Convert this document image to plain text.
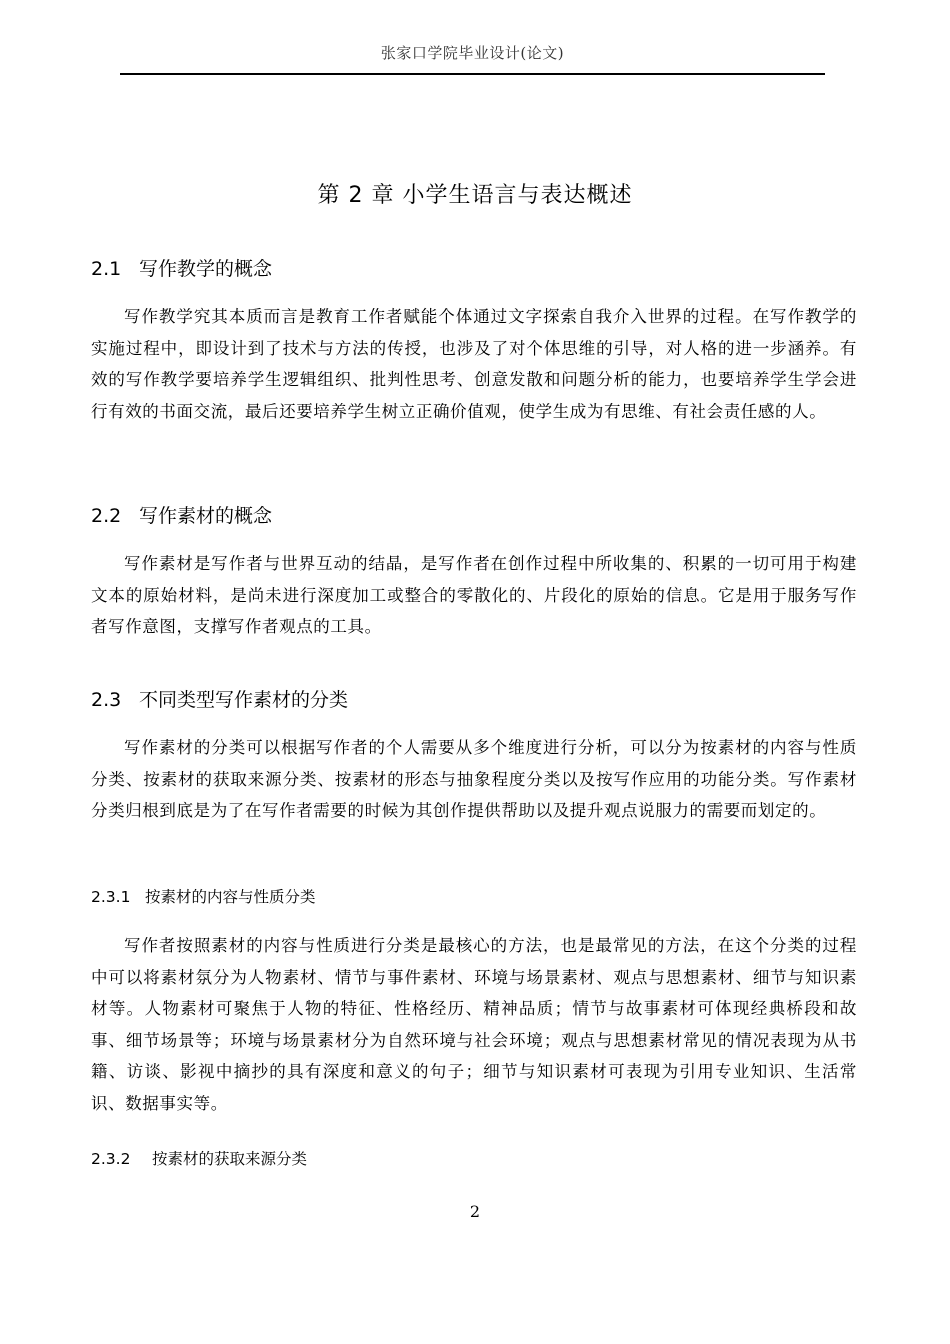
张家口学院毕业设计(论文)
第 2 章 小学生语言与表达概述
2.1 写作教学的概念
写作教学究其本质而言是教育工作者赋能个体通过文字探索自我介入世界的过程。在写作教学的实施过程中，即设计到了技术与方法的传授，也涉及了对个体思维的引导，对人格的进一步涵养。有效的写作教学要培养学生逻辑组织、批判性思考、创意发散和问题分析的能力，也要培养学生学会进行有效的书面交流，最后还要培养学生树立正确价值观，使学生成为有思维、有社会责任感的人。
2.2 写作素材的概念
写作素材是写作者与世界互动的结晶，是写作者在创作过程中所收集的、积累的一切可用于构建文本的原始材料，是尚未进行深度加工或整合的零散化的、片段化的原始的信息。它是用于服务写作者写作意图，支撑写作者观点的工具。
2.3 不同类型写作素材的分类
写作素材的分类可以根据写作者的个人需要从多个维度进行分析，可以分为按素材的内容与性质分类、按素材的获取来源分类、按素材的形态与抽象程度分类以及按写作应用的功能分类。写作素材分类归根到底是为了在写作者需要的时候为其创作提供帮助以及提升观点说服力的需要而划定的。
2.3.1 按素材的内容与性质分类
写作者按照素材的内容与性质进行分类是最核心的方法，也是最常见的方法，在这个分类的过程中可以将素材氛分为人物素材、情节与事件素材、环境与场景素材、观点与思想素材、细节与知识素材等。人物素材可聚焦于人物的特征、性格经历、精神品质；情节与故事素材可体现经典桥段和故事、细节场景等；环境与场景素材分为自然环境与社会环境；观点与思想素材常见的情况表现为从书籍、访谈、影视中摘抄的具有深度和意义的句子；细节与知识素材可表现为引用专业知识、生活常识、数据事实等。
2.3.2 按素材的获取来源分类
2
